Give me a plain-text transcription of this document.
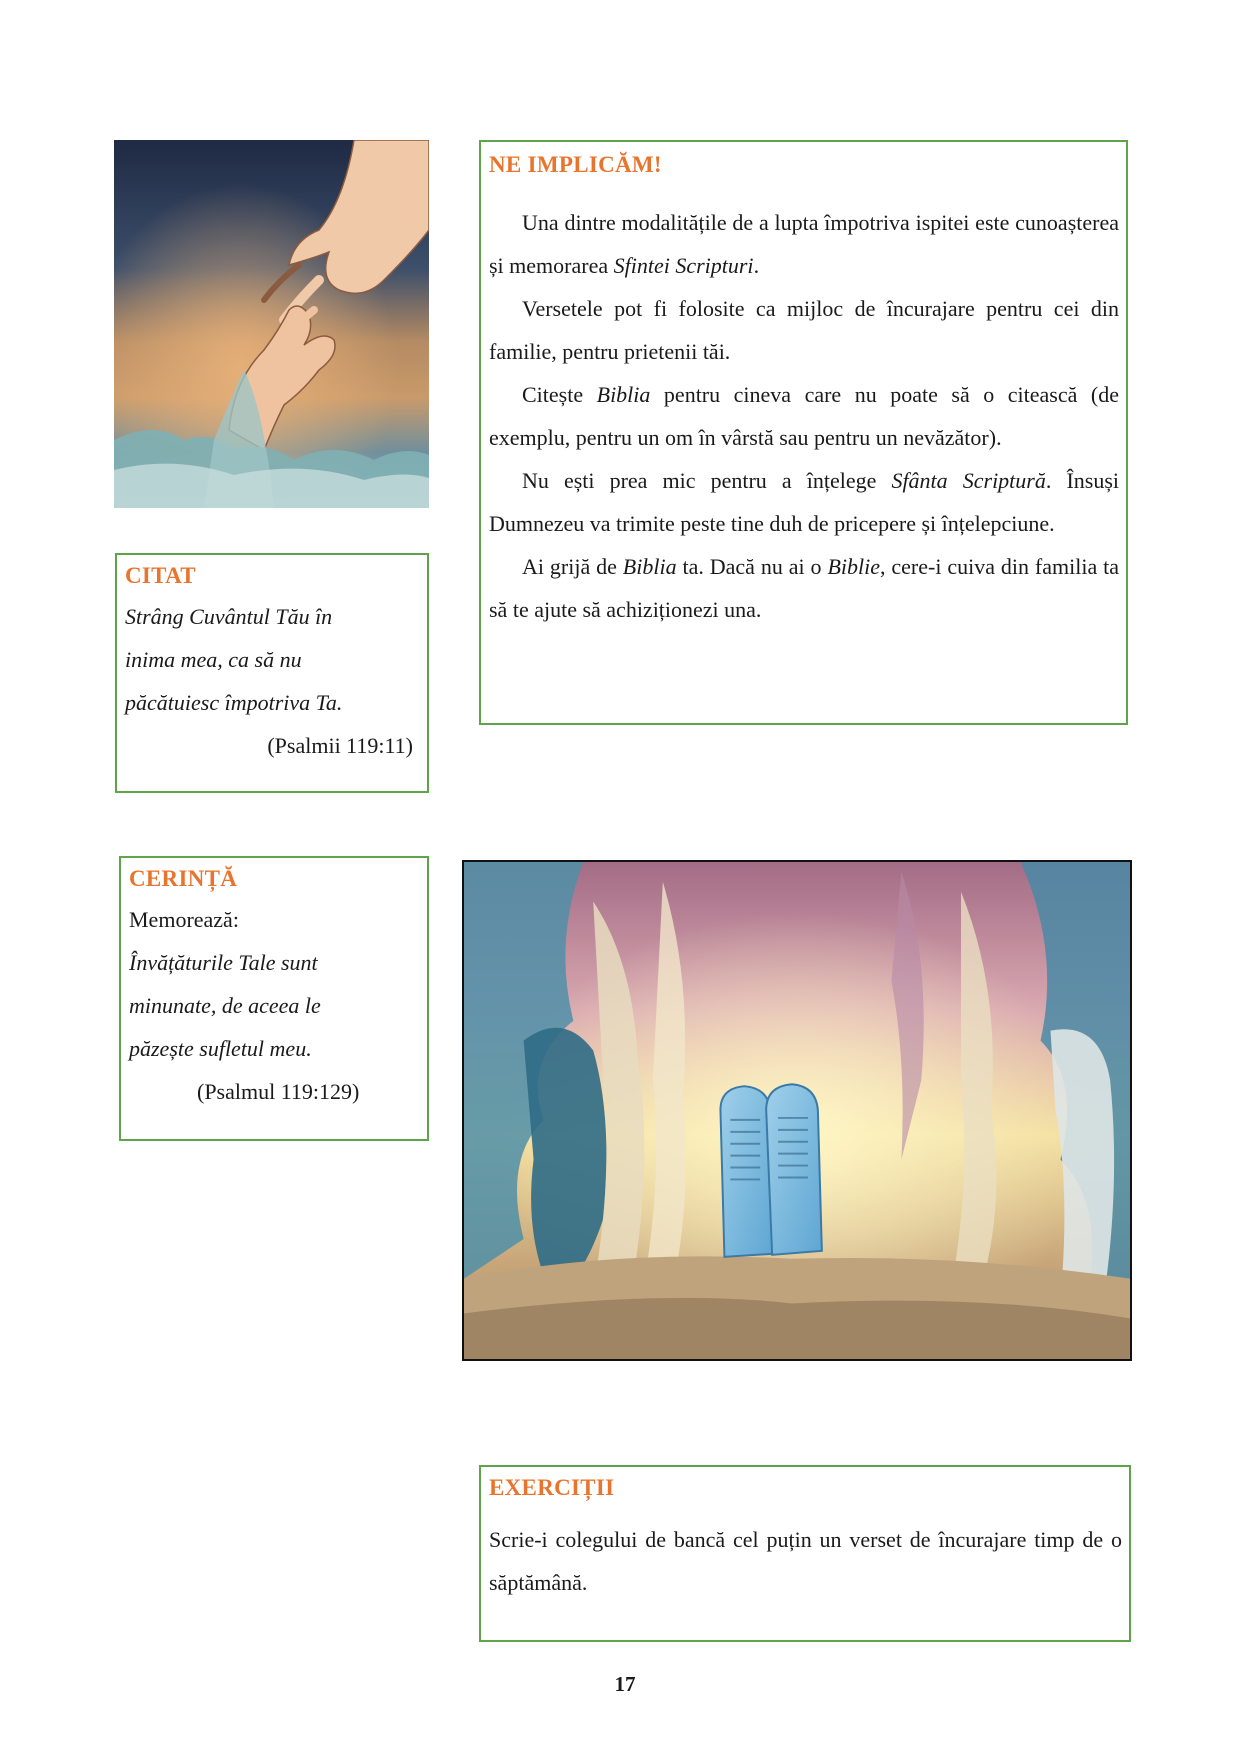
NE IMPLICĂM!

Una dintre modalitățile de a lupta împotriva ispitei este cunoașterea și memorarea Sfintei Scripturi.

Versetele pot fi folosite ca mijloc de încurajare pentru cei din familie, pentru prietenii tăi.

Citește Biblia pentru cineva care nu poate să o citească (de exemplu, pentru un om în vârstă sau pentru un nevăzător).

Nu ești prea mic pentru a înțelege Sfânta Scriptură. Însuși Dumnezeu va trimite peste tine duh de pricepere și înțelepciune.

Ai grijă de Biblia ta. Dacă nu ai o Biblie, cere-i cuiva din familia ta să te ajute să achiziționezi una.

CITAT
Strâng Cuvântul Tău în
inima mea, ca să nu
păcătuiesc împotriva Ta.
(Psalmii 119:11)
CERINȚĂ
Memorează:
Învățăturile Tale sunt
minunate, de aceea le
păzește sufletul meu.
(Psalmul 119:129)
EXERCIȚII
Scrie-i colegului de bancă cel puțin un verset de încurajare timp de o săptămână.
17
